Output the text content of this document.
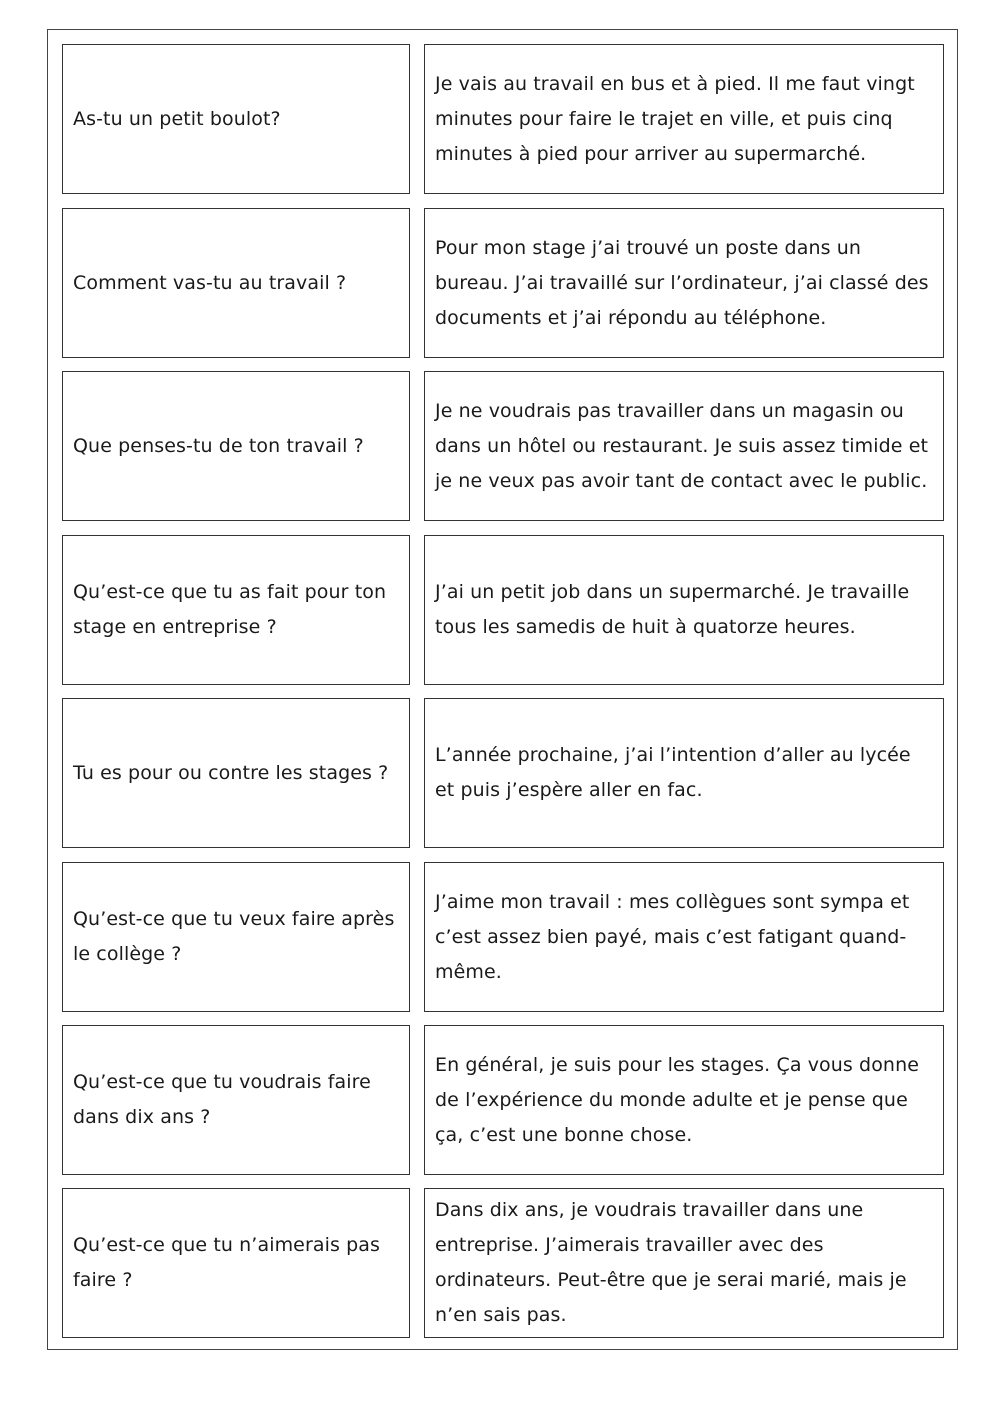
As-tu un petit boulot?
Je vais au travail en bus et à pied. Il me faut vingt minutes pour faire le trajet en ville, et puis cinq minutes à pied pour arriver au supermarché.
Comment vas-tu au travail ?
Pour mon stage j’ai trouvé un poste dans un bureau. J’ai travaillé sur l’ordinateur, j’ai classé des documents et j’ai répondu au téléphone.
Que penses-tu de ton travail ?
Je ne voudrais pas travailler dans un magasin ou dans un hôtel ou restaurant. Je suis assez timide et je ne veux pas avoir tant de contact avec le public.
Qu’est-ce que tu as fait pour ton stage en entreprise ?
J’ai un petit job dans un supermarché. Je travaille tous les samedis de huit à quatorze heures.
Tu es pour ou contre les stages ?
L’année prochaine, j’ai l’intention d’aller au lycée et puis j’espère aller en fac.
Qu’est-ce que tu veux faire après le collège ?
J’aime mon travail : mes collègues sont sympa et c’est assez bien payé, mais c’est fatigant quand-même.
Qu’est-ce que tu voudrais faire dans dix ans ?
En général, je suis pour les stages. Ça vous donne de l’expérience du monde adulte et je pense que ça, c’est une bonne chose.
Qu’est-ce que tu n’aimerais pas faire ?
Dans dix ans, je voudrais travailler dans une entreprise. J’aimerais travailler avec des ordinateurs. Peut-être que je serai marié, mais je n’en sais pas.
